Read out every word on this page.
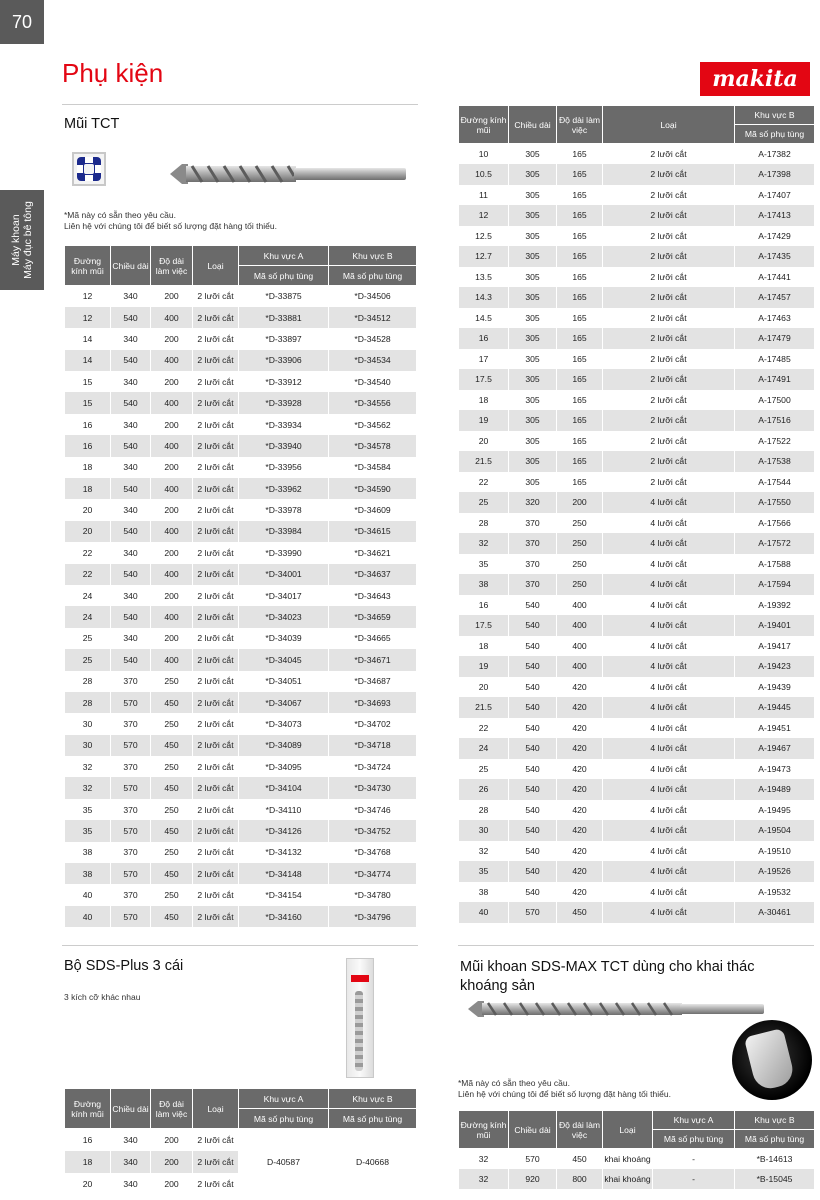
70
Máy khoan Máy đục bê tông
Phụ kiện	makita
Mũi TCT
*Mã này có sẵn theo yêu cầu.
Liên hệ với chúng tôi để biết số lượng đặt hàng tối thiểu.
Đường kính mũi	Chiều dài	Độ dài làm việc	Loại	Khu vực A	Khu vực B
				Mã số phụ tùng	Mã số phụ tùng
12	340	200	2 lưỡi cắt	*D-33875	*D-34506
12	540	400	2 lưỡi cắt	*D-33881	*D-34512
14	340	200	2 lưỡi cắt	*D-33897	*D-34528
14	540	400	2 lưỡi cắt	*D-33906	*D-34534
15	340	200	2 lưỡi cắt	*D-33912	*D-34540
15	540	400	2 lưỡi cắt	*D-33928	*D-34556
16	340	200	2 lưỡi cắt	*D-33934	*D-34562
16	540	400	2 lưỡi cắt	*D-33940	*D-34578
18	340	200	2 lưỡi cắt	*D-33956	*D-34584
18	540	400	2 lưỡi cắt	*D-33962	*D-34590
20	340	200	2 lưỡi cắt	*D-33978	*D-34609
20	540	400	2 lưỡi cắt	*D-33984	*D-34615
22	340	200	2 lưỡi cắt	*D-33990	*D-34621
22	540	400	2 lưỡi cắt	*D-34001	*D-34637
24	340	200	2 lưỡi cắt	*D-34017	*D-34643
24	540	400	2 lưỡi cắt	*D-34023	*D-34659
25	340	200	2 lưỡi cắt	*D-34039	*D-34665
25	540	400	2 lưỡi cắt	*D-34045	*D-34671
28	370	250	2 lưỡi cắt	*D-34051	*D-34687
28	570	450	2 lưỡi cắt	*D-34067	*D-34693
30	370	250	2 lưỡi cắt	*D-34073	*D-34702
30	570	450	2 lưỡi cắt	*D-34089	*D-34718
32	370	250	2 lưỡi cắt	*D-34095	*D-34724
32	570	450	2 lưỡi cắt	*D-34104	*D-34730
35	370	250	2 lưỡi cắt	*D-34110	*D-34746
35	570	450	2 lưỡi cắt	*D-34126	*D-34752
38	370	250	2 lưỡi cắt	*D-34132	*D-34768
38	570	450	2 lưỡi cắt	*D-34148	*D-34774
40	370	250	2 lưỡi cắt	*D-34154	*D-34780
40	570	450	2 lưỡi cắt	*D-34160	*D-34796
Đường kính mũi	Chiều dài	Độ dài làm việc	Loại	Khu vực B
				Mã số phụ tùng
10	305	165	2 lưỡi cắt	A-17382
10.5	305	165	2 lưỡi cắt	A-17398
11	305	165	2 lưỡi cắt	A-17407
12	305	165	2 lưỡi cắt	A-17413
12.5	305	165	2 lưỡi cắt	A-17429
12.7	305	165	2 lưỡi cắt	A-17435
13.5	305	165	2 lưỡi cắt	A-17441
14.3	305	165	2 lưỡi cắt	A-17457
14.5	305	165	2 lưỡi cắt	A-17463
16	305	165	2 lưỡi cắt	A-17479
17	305	165	2 lưỡi cắt	A-17485
17.5	305	165	2 lưỡi cắt	A-17491
18	305	165	2 lưỡi cắt	A-17500
19	305	165	2 lưỡi cắt	A-17516
20	305	165	2 lưỡi cắt	A-17522
21.5	305	165	2 lưỡi cắt	A-17538
22	305	165	2 lưỡi cắt	A-17544
25	320	200	4 lưỡi cắt	A-17550
28	370	250	4 lưỡi cắt	A-17566
32	370	250	4 lưỡi cắt	A-17572
35	370	250	4 lưỡi cắt	A-17588
38	370	250	4 lưỡi cắt	A-17594
16	540	400	4 lưỡi cắt	A-19392
17.5	540	400	4 lưỡi cắt	A-19401
18	540	400	4 lưỡi cắt	A-19417
19	540	400	4 lưỡi cắt	A-19423
20	540	420	4 lưỡi cắt	A-19439
21.5	540	420	4 lưỡi cắt	A-19445
22	540	420	4 lưỡi cắt	A-19451
24	540	420	4 lưỡi cắt	A-19467
25	540	420	4 lưỡi cắt	A-19473
26	540	420	4 lưỡi cắt	A-19489
28	540	420	4 lưỡi cắt	A-19495
30	540	420	4 lưỡi cắt	A-19504
32	540	420	4 lưỡi cắt	A-19510
35	540	420	4 lưỡi cắt	A-19526
38	540	420	4 lưỡi cắt	A-19532
40	570	450	4 lưỡi cắt	A-30461
Bộ SDS-Plus 3 cái
3 kích cỡ khác nhau
Đường kính mũi	Chiều dài	Độ dài làm việc	Loại	Khu vực A	Khu vực B
				Mã số phụ tùng	Mã số phụ tùng
16	340	200	2 lưỡi cắt	D-40587	D-40668
18	340	200	2 lưỡi cắt		
20	340	200	2 lưỡi cắt		
Mũi khoan SDS-MAX TCT dùng cho khai thác
khoáng sản
*Mã này có sẵn theo yêu cầu.
Liên hệ với chúng tôi để biết số lượng đặt hàng tối thiểu.
Đường kính mũi	Chiều dài	Độ dài làm việc	Loại	Khu vực A	Khu vực B
				Mã số phụ tùng	Mã số phụ tùng
32	570	450	khai khoáng	-	*B-14613
32	920	800	khai khoáng	-	*B-15045
